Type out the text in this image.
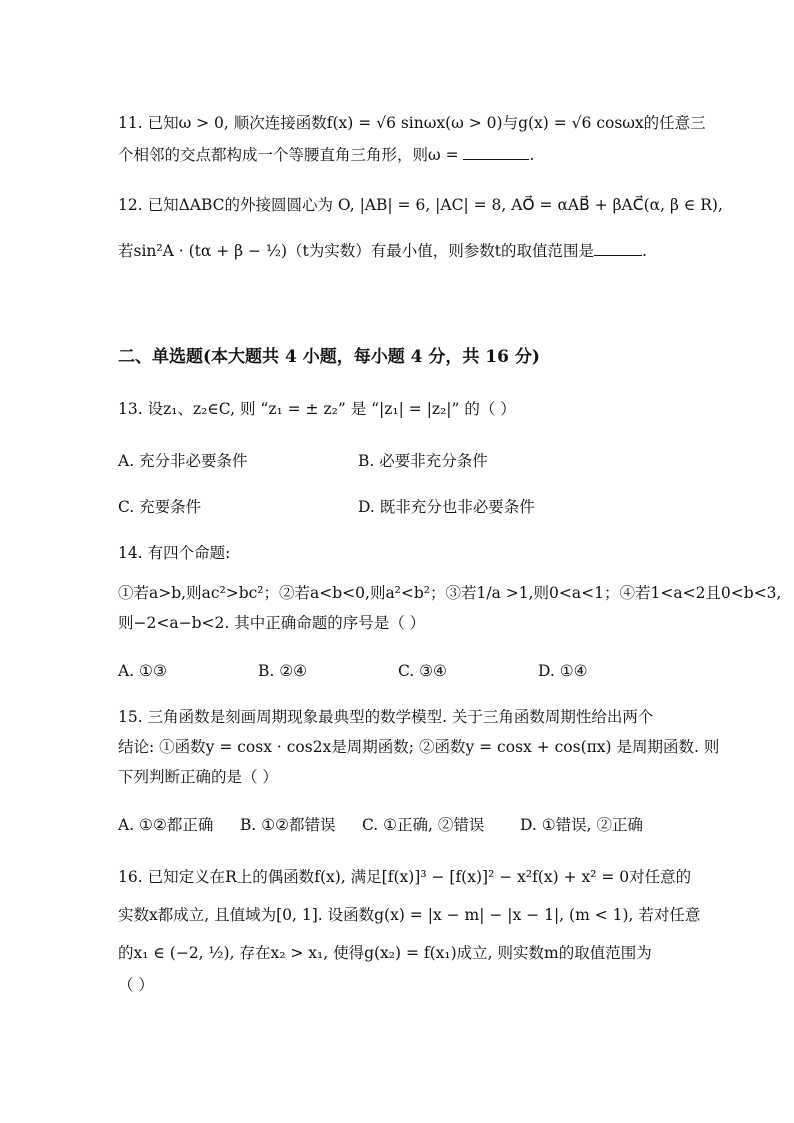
11. 已知ω > 0, 顺次连接函数f(x) = √6 sinωx(ω > 0)与g(x) = √6 cosωx的任意三
个相邻的交点都构成一个等腰直角三角形，则ω =	.
12. 已知ΔABC的外接圆圆心为 O, |AB| = 6, |AC| = 8, AO⃗ = αAB⃗ + βAC⃗(α, β ∈ R),
若sin²A · (tα + β − ½)（t为实数）有最小值，则参数t的取值范围是	.
二、单选题(本大题共 4 小题，每小题 4 分，共 16 分)
13. 设z₁、z₂∈C, 则 “z₁ = ± z₂” 是 “|z₁| = |z₂|” 的（ ）
A. 充分非必要条件	B. 必要非充分条件
C. 充要条件	D. 既非充分也非必要条件
14. 有四个命题:
①若a>b,则ac²>bc²；②若a<b<0,则a²<b²；③若1/a >1,则0<a<1；④若1<a<2且0<b<3,
则−2<a−b<2. 其中正确命题的序号是（ ）
A. ①③	B. ②④	C. ③④	D. ①④
15. 三角函数是刻画周期现象最典型的数学模型. 关于三角函数周期性给出两个
结论: ①函数y = cosx · cos2x是周期函数; ②函数y = cosx + cos(πx) 是周期函数. 则
下列判断正确的是（ ）
A. ①②都正确 B. ①②都错误 C. ①正确, ②错误 D. ①错误, ②正确
16. 已知定义在R上的偶函数f(x), 满足[f(x)]³ − [f(x)]² − x²f(x) + x² = 0对任意的
实数x都成立, 且值域为[0, 1]. 设函数g(x) = |x − m| − |x − 1|, (m < 1), 若对任意
的x₁ ∈ (−2, ½), 存在x₂ > x₁, 使得g(x₂) = f(x₁)成立, 则实数m的取值范围为
（ ）
